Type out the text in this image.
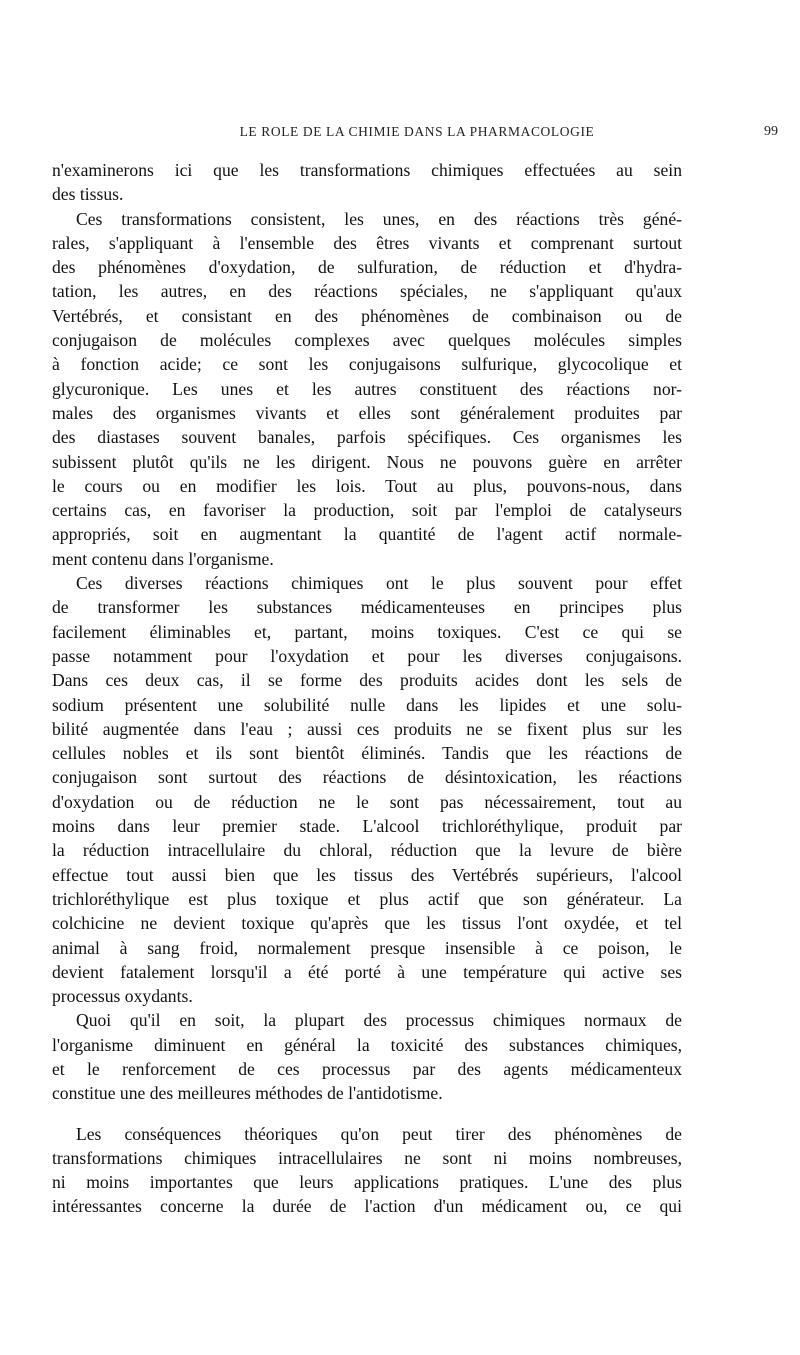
LE ROLE DE LA CHIMIE DANS LA PHARMACOLOGIE	99
n'examinerons ici que les transformations chimiques effectuées au sein
des tissus.
Ces transformations consistent, les unes, en des réactions très géné-
rales, s'appliquant à l'ensemble des êtres vivants et comprenant surtout
des phénomènes d'oxydation, de sulfuration, de réduction et d'hydra-
tation, les autres, en des réactions spéciales, ne s'appliquant qu'aux
Vertébrés, et consistant en des phénomènes de combinaison ou de
conjugaison de molécules complexes avec quelques molécules simples
à fonction acide; ce sont les conjugaisons sulfurique, glycocolique et
glycuronique. Les unes et les autres constituent des réactions nor-
males des organismes vivants et elles sont généralement produites par
des diastases souvent banales, parfois spécifiques. Ces organismes les
subissent plutôt qu'ils ne les dirigent. Nous ne pouvons guère en arrêter
le cours ou en modifier les lois. Tout au plus, pouvons-nous, dans
certains cas, en favoriser la production, soit par l'emploi de catalyseurs
appropriés, soit en augmentant la quantité de l'agent actif normale-
ment contenu dans l'organisme.
Ces diverses réactions chimiques ont le plus souvent pour effet
de transformer les substances médicamenteuses en principes plus
facilement éliminables et, partant, moins toxiques. C'est ce qui se
passe notamment pour l'oxydation et pour les diverses conjugaisons.
Dans ces deux cas, il se forme des produits acides dont les sels de
sodium présentent une solubilité nulle dans les lipides et une solu-
bilité augmentée dans l'eau ; aussi ces produits ne se fixent plus sur les
cellules nobles et ils sont bientôt éliminés. Tandis que les réactions de
conjugaison sont surtout des réactions de désintoxication, les réactions
d'oxydation ou de réduction ne le sont pas nécessairement, tout au
moins dans leur premier stade. L'alcool trichloréthylique, produit par
la réduction intracellulaire du chloral, réduction que la levure de bière
effectue tout aussi bien que les tissus des Vertébrés supérieurs, l'alcool
trichloréthylique est plus toxique et plus actif que son générateur. La
colchicine ne devient toxique qu'après que les tissus l'ont oxydée, et tel
animal à sang froid, normalement presque insensible à ce poison, le
devient fatalement lorsqu'il a été porté à une température qui active ses
processus oxydants.
Quoi qu'il en soit, la plupart des processus chimiques normaux de
l'organisme diminuent en général la toxicité des substances chimiques,
et le renforcement de ces processus par des agents médicamenteux
constitue une des meilleures méthodes de l'antidotisme.
Les conséquences théoriques qu'on peut tirer des phénomènes de
transformations chimiques intracellulaires ne sont ni moins nombreuses,
ni moins importantes que leurs applications pratiques. L'une des plus
intéressantes concerne la durée de l'action d'un médicament ou, ce qui
